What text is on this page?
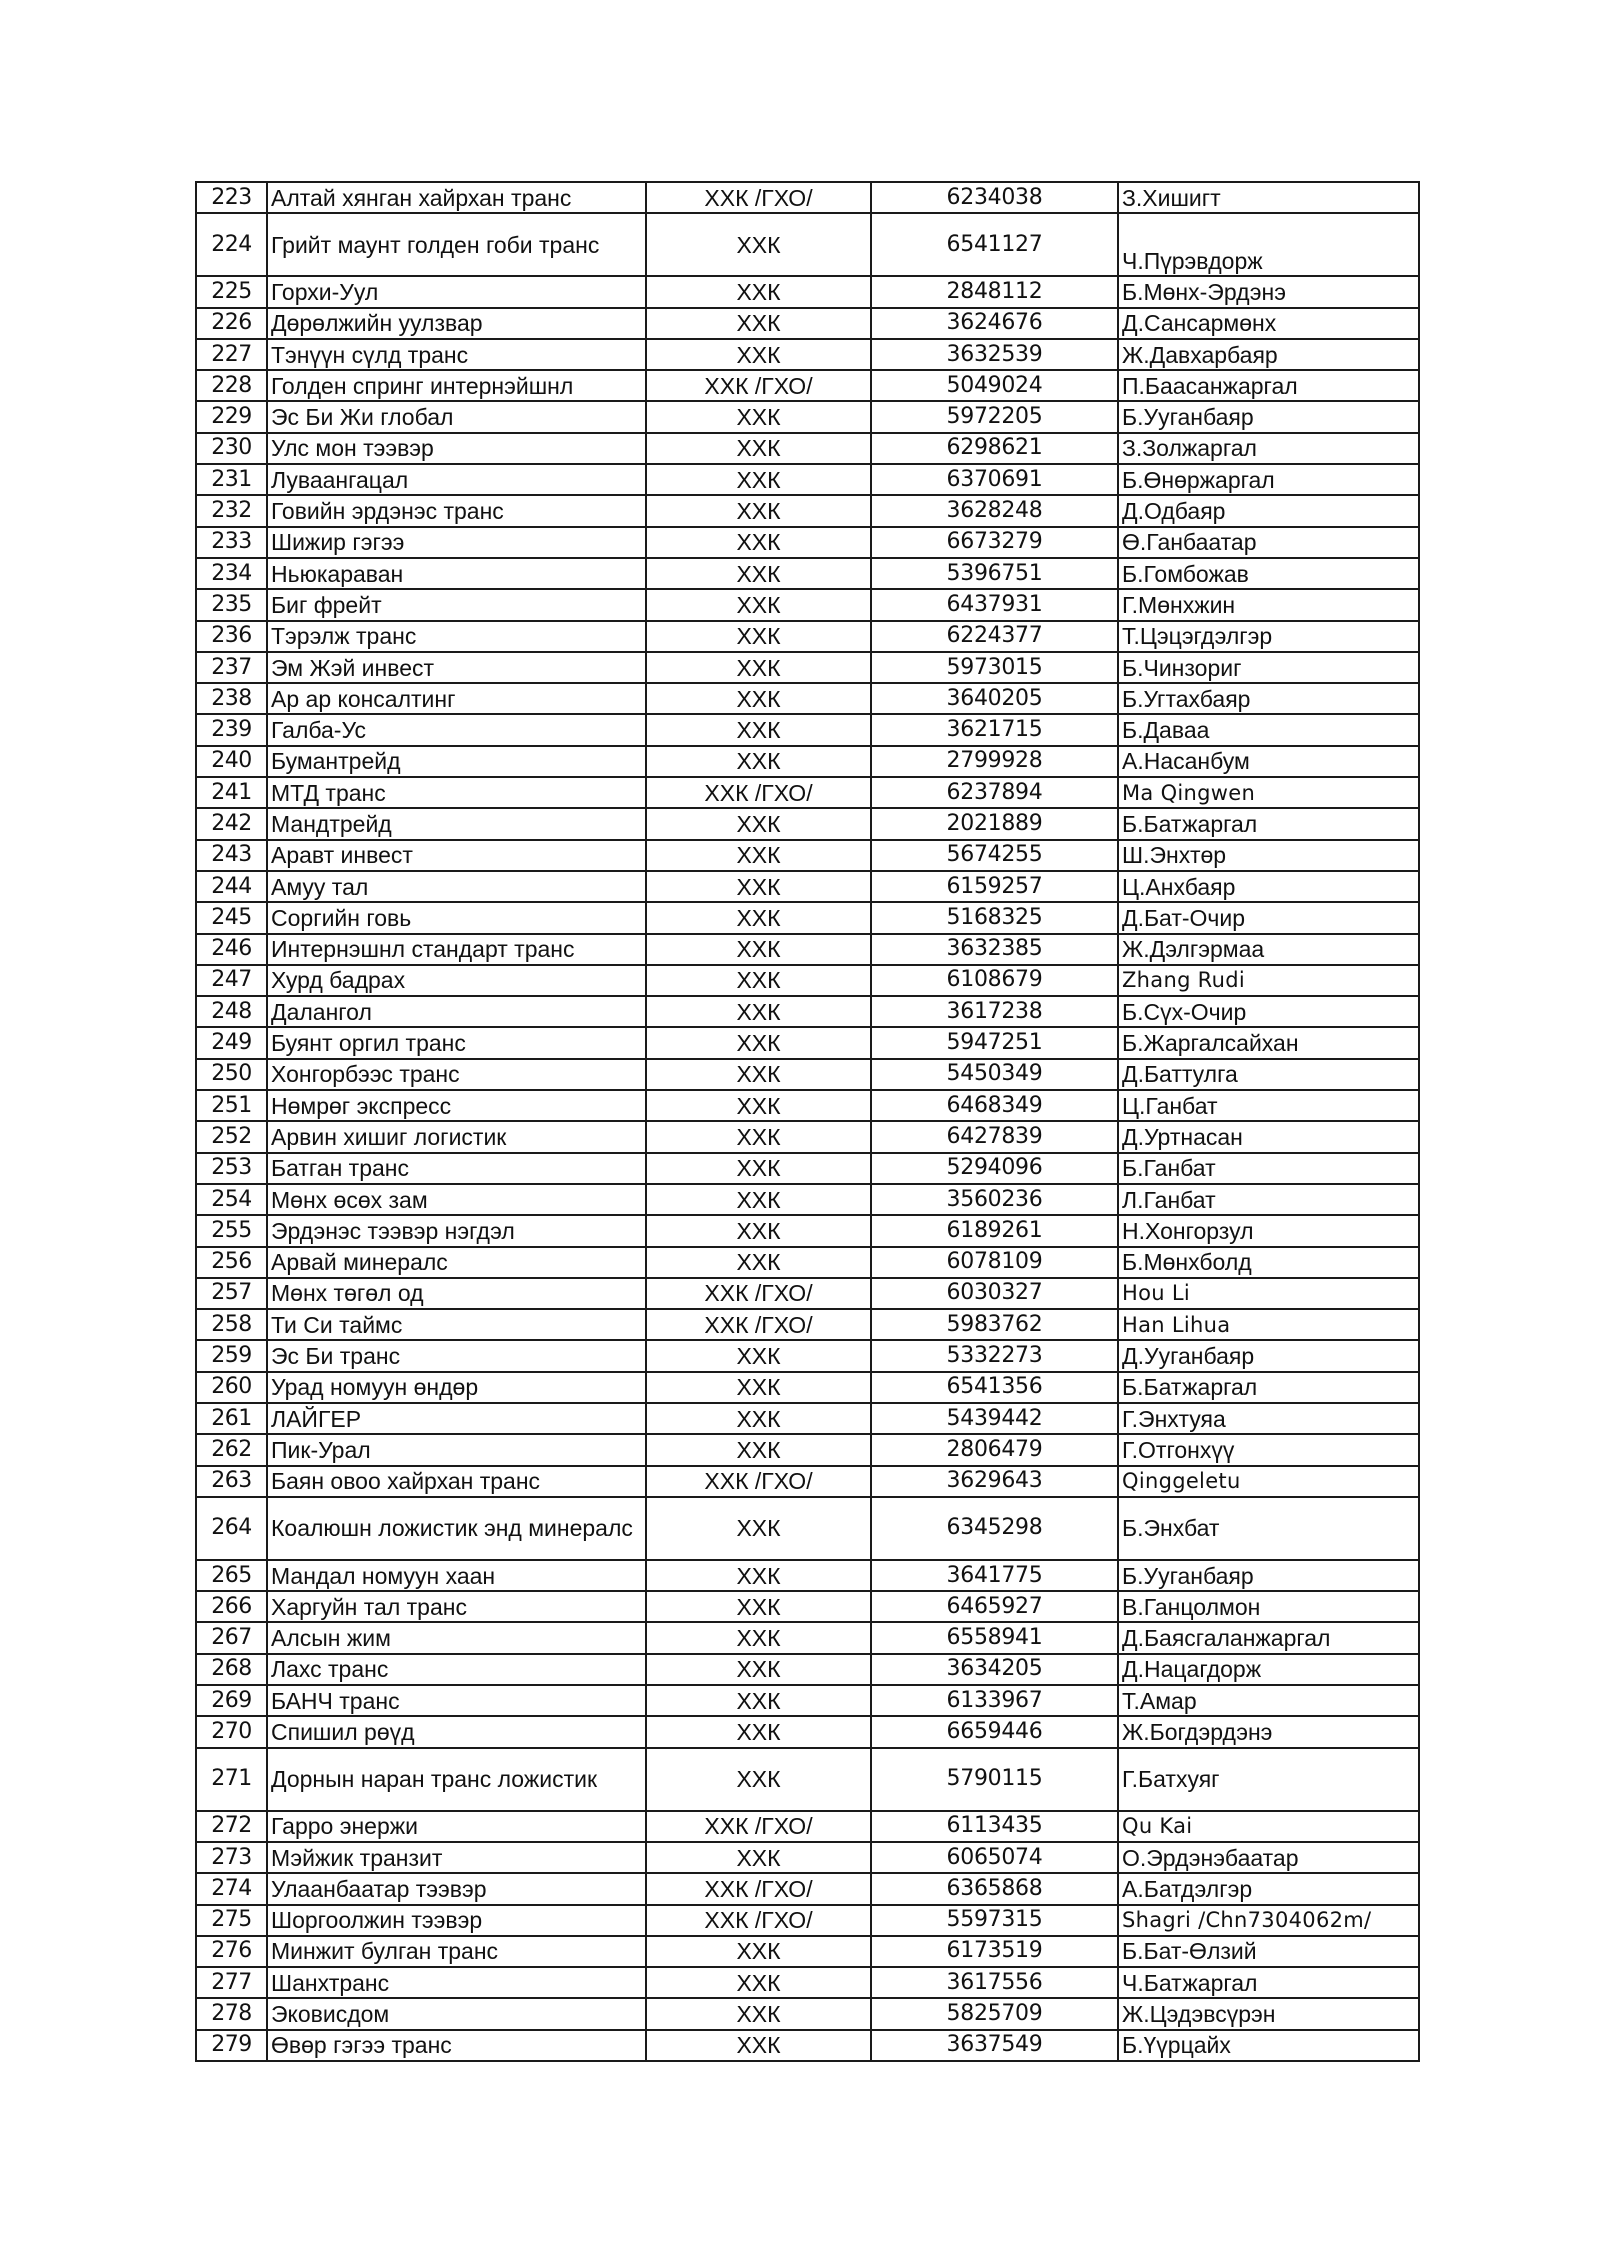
223	Алтай хянган хайрхан транс	ХХК /ГХО/	6234038	З.Хишигт
224	Грийт маунт голден гоби транс	ХХК	6541127	Ч.Пүрэвдорж
225	Горхи-Уул	ХХК	2848112	Б.Мөнх-Эрдэнэ
226	Дөрөлжийн уулзвар	ХХК	3624676	Д.Сансармөнх
227	Тэнүүн сүлд транс	ХХК	3632539	Ж.Давхарбаяр
228	Голден спринг интернэйшнл	ХХК /ГХО/	5049024	П.Баасанжаргал
229	Эс Би Жи глобал	ХХК	5972205	Б.Ууганбаяр
230	Улс мон тээвэр	ХХК	6298621	З.Золжаргал
231	Луваангацал	ХХК	6370691	Б.Өнөржаргал
232	Говийн эрдэнэс транс	ХХК	3628248	Д.Одбаяр
233	Шижир гэгээ	ХХК	6673279	Ө.Ганбаатар
234	Ньюкараван	ХХК	5396751	Б.Гомбожав
235	Биг фрейт	ХХК	6437931	Г.Мөнхжин
236	Тэрэлж транс	ХХК	6224377	Т.Цэцэгдэлгэр
237	Эм Жэй инвест	ХХК	5973015	Б.Чинзориг
238	Ар ар консалтинг	ХХК	3640205	Б.Угтахбаяр
239	Галба-Ус	ХХК	3621715	Б.Даваа
240	Бумантрейд	ХХК	2799928	А.Насанбум
241	МТД транс	ХХК /ГХО/	6237894	Ma Qingwen
242	Мандтрейд	ХХК	2021889	Б.Батжаргал
243	Аравт инвест	ХХК	5674255	Ш.Энхтөр
244	Амуу тал	ХХК	6159257	Ц.Анхбаяр
245	Соргийн говь	ХХК	5168325	Д.Бат-Очир
246	Интернэшнл стандарт транс	ХХК	3632385	Ж.Дэлгэрмаа
247	Хурд бадрах	ХХК	6108679	Zhang Rudi
248	Далангол	ХХК	3617238	Б.Сүх-Очир
249	Буянт оргил транс	ХХК	5947251	Б.Жаргалсайхан
250	Хонгорбээс транс	ХХК	5450349	Д.Баттулга
251	Нөмрөг экспресс	ХХК	6468349	Ц.Ганбат
252	Арвин хишиг логистик	ХХК	6427839	Д.Уртнасан
253	Батган транс	ХХК	5294096	Б.Ганбат
254	Мөнх өсөх зам	ХХК	3560236	Л.Ганбат
255	Эрдэнэс тээвэр нэгдэл	ХХК	6189261	Н.Хонгорзул
256	Арвай минералс	ХХК	6078109	Б.Мөнхболд
257	Мөнх төгөл од	ХХК /ГХО/	6030327	Hou Li
258	Ти Си таймс	ХХК /ГХО/	5983762	Han Lihua
259	Эс Би транс	ХХК	5332273	Д.Ууганбаяр
260	Урад номуун өндөр	ХХК	6541356	Б.Батжаргал
261	ЛАЙГЕР	ХХК	5439442	Г.Энхтуяа
262	Пик-Урал	ХХК	2806479	Г.Отгонхүү
263	Баян овоо хайрхан транс	ХХК /ГХО/	3629643	Qinggeletu
264	Коалюшн ложистик энд минералс	ХХК	6345298	Б.Энхбат
265	Мандал номуун хаан	ХХК	3641775	Б.Ууганбаяр
266	Харгуйн тал транс	ХХК	6465927	В.Ганцолмон
267	Алсын жим	ХХК	6558941	Д.Баясгаланжаргал
268	Лахс транс	ХХК	3634205	Д.Нацагдорж
269	БАНЧ транс	ХХК	6133967	Т.Амар
270	Спишил рөүд	ХХК	6659446	Ж.Богдэрдэнэ
271	Дорнын наран транс ложистик	ХХК	5790115	Г.Батхуяг
272	Гарро энержи	ХХК /ГХО/	6113435	Qu Kai
273	Мэйжик транзит	ХХК	6065074	О.Эрдэнэбаатар
274	Улаанбаатар тээвэр	ХХК /ГХО/	6365868	А.Батдэлгэр
275	Шоргоолжин тээвэр	ХХК /ГХО/	5597315	Shagri /Chn7304062m/
276	Минжит булган транс	ХХК	6173519	Б.Бат-Өлзий
277	Шанхтранс	ХХК	3617556	Ч.Батжаргал
278	Эковисдом	ХХК	5825709	Ж.Цэдэвсүрэн
279	Өвөр гэгээ транс	ХХК	3637549	Б.Үүрцайх
